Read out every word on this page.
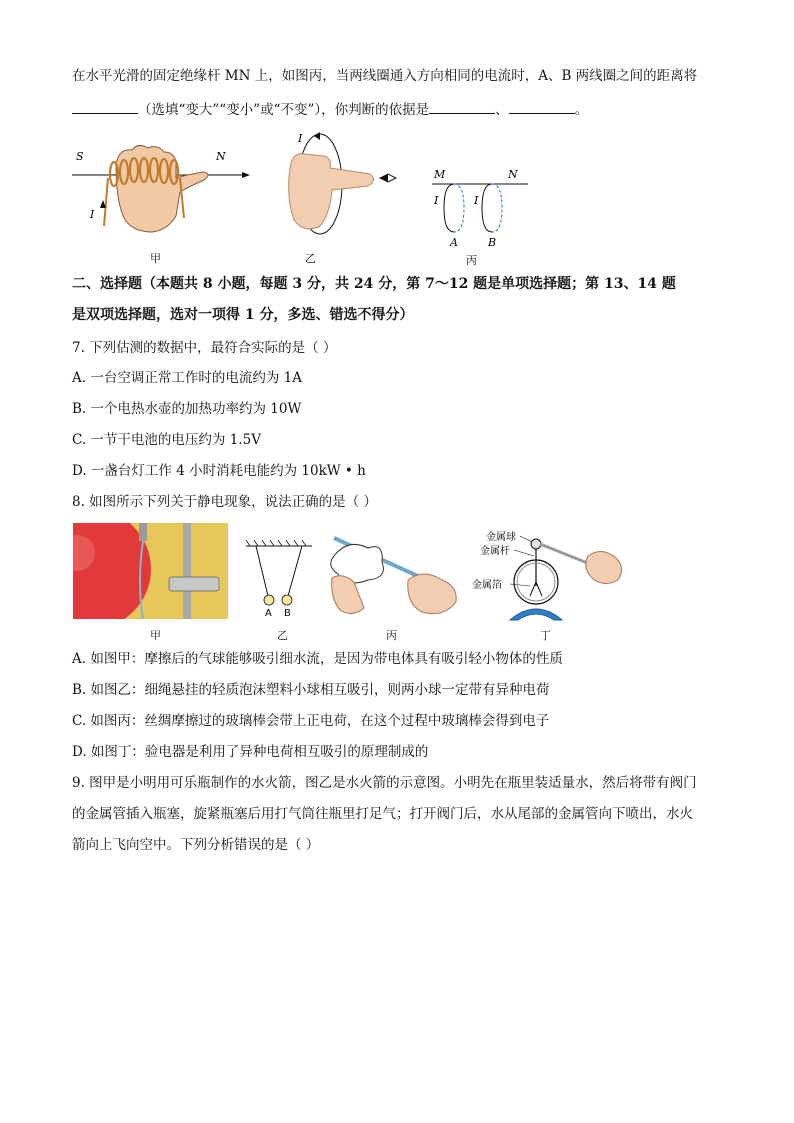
在水平光滑的固定绝缘杆 MN 上，如图丙，当两线圈通入方向相同的电流时，A、B 两线圈之间的距离将
（选填“变大”“变小”或“不变”），你判断的依据是	、	。
S	N
I
甲
I
乙
M	N
I	I
A	B
丙
二、选择题（本题共 8 小题，每题 3 分，共 24 分，第 7～12 题是单项选择题；第 13、14 题
是双项选择题，选对一项得 1 分，多选、错选不得分）
7. 下列估测的数据中，最符合实际的是（ ）
A. 一台空调正常工作时的电流约为 1A
B. 一个电热水壶的加热功率约为 10W
C. 一节干电池的电压约为 1.5V
D. 一盏台灯工作 4 小时消耗电能约为 10kW • h
8. 如图所示下列关于静电现象，说法正确的是（ ）
甲
A B
乙	丙
金属球
金属杆
金属箔
丁
A. 如图甲：摩擦后的气球能够吸引细水流，是因为带电体具有吸引轻小物体的性质
B. 如图乙：细绳悬挂的轻质泡沫塑料小球相互吸引，则两小球一定带有异种电荷
C. 如图丙：丝绸摩擦过的玻璃棒会带上正电荷，在这个过程中玻璃棒会得到电子
D. 如图丁：验电器是利用了异种电荷相互吸引的原理制成的
9. 图甲是小明用可乐瓶制作的水火箭，图乙是水火箭的示意图。小明先在瓶里装适量水，然后将带有阀门
的金属管插入瓶塞，旋紧瓶塞后用打气筒往瓶里打足气；打开阀门后，水从尾部的金属管向下喷出，水火
箭向上飞向空中。下列分析错误的是（ ）
